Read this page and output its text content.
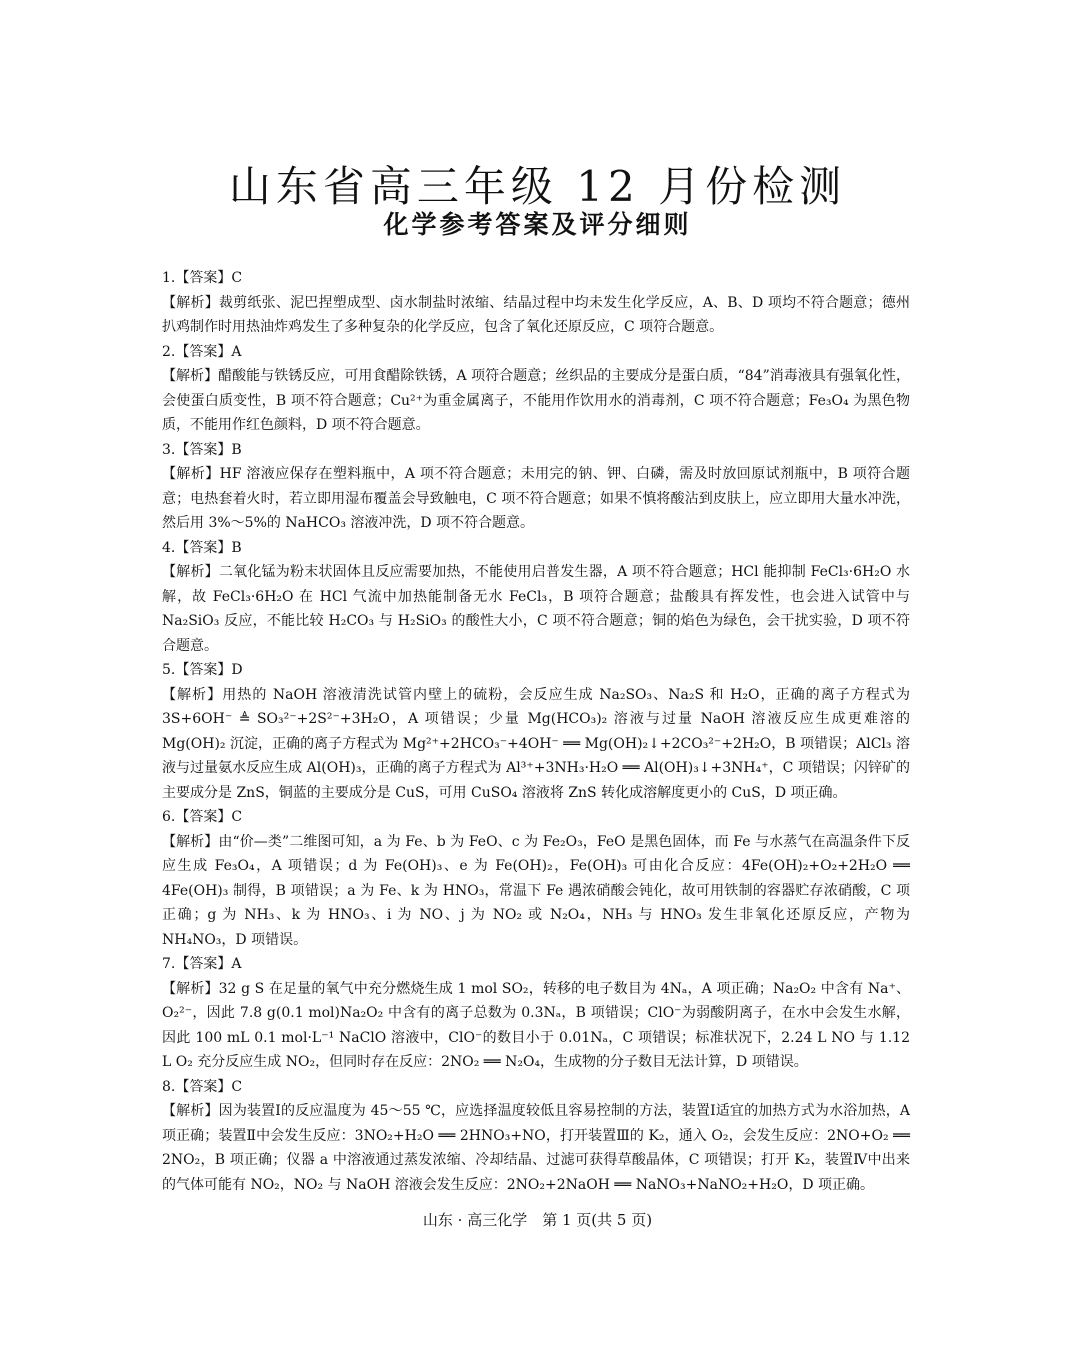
山东省高三年级 12 月份检测
化学参考答案及评分细则
1.【答案】C
【解析】裁剪纸张、泥巴捏塑成型、卤水制盐时浓缩、结晶过程中均未发生化学反应，A、B、D 项均不符合题意；德州扒鸡制作时用热油炸鸡发生了多种复杂的化学反应，包含了氧化还原反应，C 项符合题意。
2.【答案】A
【解析】醋酸能与铁锈反应，可用食醋除铁锈，A 项符合题意；丝织品的主要成分是蛋白质，“84”消毒液具有强氧化性，会使蛋白质变性，B 项不符合题意；Cu²⁺为重金属离子，不能用作饮用水的消毒剂，C 项不符合题意；Fe₃O₄ 为黑色物质，不能用作红色颜料，D 项不符合题意。
3.【答案】B
【解析】HF 溶液应保存在塑料瓶中，A 项不符合题意；未用完的钠、钾、白磷，需及时放回原试剂瓶中，B 项符合题意；电热套着火时，若立即用湿布覆盖会导致触电，C 项不符合题意；如果不慎将酸沾到皮肤上，应立即用大量水冲洗，然后用 3%～5%的 NaHCO₃ 溶液冲洗，D 项不符合题意。
4.【答案】B
【解析】二氧化锰为粉末状固体且反应需要加热，不能使用启普发生器，A 项不符合题意；HCl 能抑制 FeCl₃·6H₂O 水解，故 FeCl₃·6H₂O 在 HCl 气流中加热能制备无水 FeCl₃，B 项符合题意；盐酸具有挥发性，也会进入试管中与 Na₂SiO₃ 反应，不能比较 H₂CO₃ 与 H₂SiO₃ 的酸性大小，C 项不符合题意；铜的焰色为绿色，会干扰实验，D 项不符合题意。
5.【答案】D
【解析】用热的 NaOH 溶液清洗试管内壁上的硫粉，会反应生成 Na₂SO₃、Na₂S 和 H₂O，正确的离子方程式为 3S+6OH⁻ ≜ SO₃²⁻+2S²⁻+3H₂O，A 项错误；少量 Mg(HCO₃)₂ 溶液与过量 NaOH 溶液反应生成更难溶的 Mg(OH)₂ 沉淀，正确的离子方程式为 Mg²⁺+2HCO₃⁻+4OH⁻ ══ Mg(OH)₂↓+2CO₃²⁻+2H₂O，B 项错误；AlCl₃ 溶液与过量氨水反应生成 Al(OH)₃，正确的离子方程式为 Al³⁺+3NH₃·H₂O ══ Al(OH)₃↓+3NH₄⁺，C 项错误；闪锌矿的主要成分是 ZnS，铜蓝的主要成分是 CuS，可用 CuSO₄ 溶液将 ZnS 转化成溶解度更小的 CuS，D 项正确。
6.【答案】C
【解析】由“价—类”二维图可知，a 为 Fe、b 为 FeO、c 为 Fe₂O₃，FeO 是黑色固体，而 Fe 与水蒸气在高温条件下反应生成 Fe₃O₄，A 项错误；d 为 Fe(OH)₃、e 为 Fe(OH)₂，Fe(OH)₃ 可由化合反应：4Fe(OH)₂+O₂+2H₂O ══ 4Fe(OH)₃ 制得，B 项错误；a 为 Fe、k 为 HNO₃，常温下 Fe 遇浓硝酸会钝化，故可用铁制的容器贮存浓硝酸，C 项正确；g 为 NH₃、k 为 HNO₃、i 为 NO、j 为 NO₂ 或 N₂O₄，NH₃ 与 HNO₃ 发生非氧化还原反应，产物为 NH₄NO₃，D 项错误。
7.【答案】A
【解析】32 g S 在足量的氧气中充分燃烧生成 1 mol SO₂，转移的电子数目为 4Nₐ，A 项正确；Na₂O₂ 中含有 Na⁺、O₂²⁻，因此 7.8 g(0.1 mol)Na₂O₂ 中含有的离子总数为 0.3Nₐ，B 项错误；ClO⁻为弱酸阴离子，在水中会发生水解，因此 100 mL 0.1 mol·L⁻¹ NaClO 溶液中，ClO⁻的数目小于 0.01Nₐ，C 项错误；标准状况下，2.24 L NO 与 1.12 L O₂ 充分反应生成 NO₂，但同时存在反应：2NO₂ ══ N₂O₄，生成物的分子数目无法计算，D 项错误。
8.【答案】C
【解析】因为装置Ⅰ的反应温度为 45～55 ℃，应选择温度较低且容易控制的方法，装置Ⅰ适宜的加热方式为水浴加热，A 项正确；装置Ⅱ中会发生反应：3NO₂+H₂O ══ 2HNO₃+NO，打开装置Ⅲ的 K₂，通入 O₂，会发生反应：2NO+O₂ ══ 2NO₂，B 项正确；仪器 a 中溶液通过蒸发浓缩、冷却结晶、过滤可获得草酸晶体，C 项错误；打开 K₂，装置Ⅳ中出来的气体可能有 NO₂，NO₂ 与 NaOH 溶液会发生反应：2NO₂+2NaOH ══ NaNO₃+NaNO₂+H₂O，D 项正确。
山东 · 高三化学　第 1 页(共 5 页)
